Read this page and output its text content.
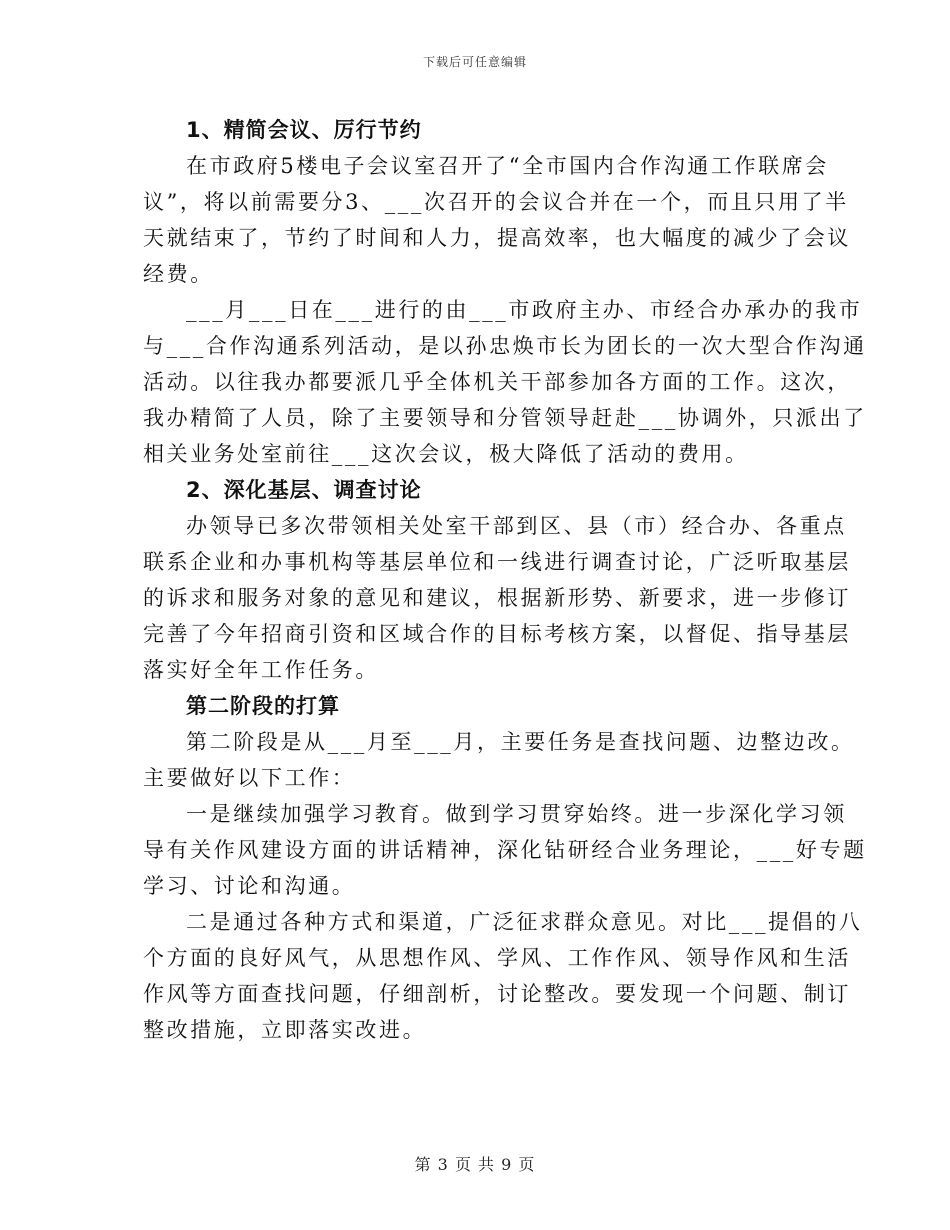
下载后可任意编辑
1、精简会议、厉行节约
在市政府5楼电子会议室召开了“全市国内合作沟通工作联席会
议”，将以前需要分3、___次召开的会议合并在一个，而且只用了半
天就结束了，节约了时间和人力，提高效率，也大幅度的减少了会议
经费。
___月___日在___进行的由___市政府主办、市经合办承办的我市
与___合作沟通系列活动，是以孙忠焕市长为团长的一次大型合作沟通
活动。以往我办都要派几乎全体机关干部参加各方面的工作。这次，
我办精简了人员，除了主要领导和分管领导赶赴___协调外，只派出了
相关业务处室前往___这次会议，极大降低了活动的费用。
2、深化基层、调查讨论
办领导已多次带领相关处室干部到区、县（市）经合办、各重点
联系企业和办事机构等基层单位和一线进行调查讨论，广泛听取基层
的诉求和服务对象的意见和建议，根据新形势、新要求，进一步修订
完善了今年招商引资和区域合作的目标考核方案，以督促、指导基层
落实好全年工作任务。
第二阶段的打算
第二阶段是从___月至___月，主要任务是查找问题、边整边改。
主要做好以下工作：
一是继续加强学习教育。做到学习贯穿始终。进一步深化学习领
导有关作风建设方面的讲话精神，深化钻研经合业务理论，___好专题
学习、讨论和沟通。
二是通过各种方式和渠道，广泛征求群众意见。对比___提倡的八
个方面的良好风气，从思想作风、学风、工作作风、领导作风和生活
作风等方面查找问题，仔细剖析，讨论整改。要发现一个问题、制订
整改措施，立即落实改进。
第 3 页 共 9 页
